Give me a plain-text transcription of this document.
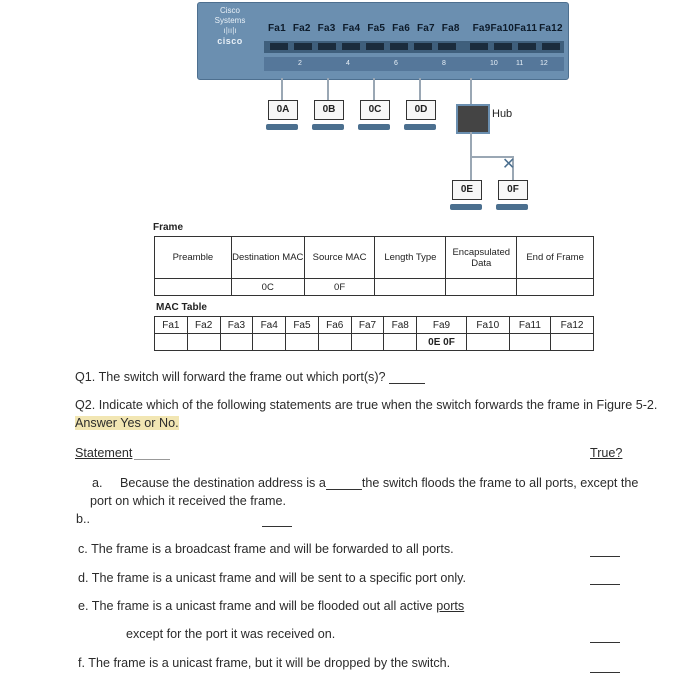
Cisco Systems
ı|ıı|ı
cisco
Fa1 Fa2 Fa3 Fa4 Fa5 Fa6 Fa7 Fa8 Fa9Fa10Fa11 Fa12
2	4	6	8	10	11 12
0A	0B	0C	0D	Hub
✕
0E	0F
Frame
Preamble	Destination MAC	Source MAC	Length Type	Encapsulated Data	End of Frame
	0C	0F			
MAC Table
Fa1	Fa2	Fa3	Fa4	Fa5	Fa6	Fa7	Fa8	Fa9	Fa10	Fa11	Fa12
								0E 0F			
Q1. The switch will forward the frame out which port(s)?
Q2. Indicate which of the following statements are true when the switch forwards the frame in Figure 5-2.
Answer Yes or No.
Statement	True?
a. Because the destination address is a	the switch floods the frame to all ports, except the
port on which it received the frame.
b..
c. The frame is a broadcast frame and will be forwarded to all ports.
d. The frame is a unicast frame and will be sent to a specific port only.
e. The frame is a unicast frame and will be flooded out all active ports
except for the port it was received on.
f. The frame is a unicast frame, but it will be dropped by the switch.
